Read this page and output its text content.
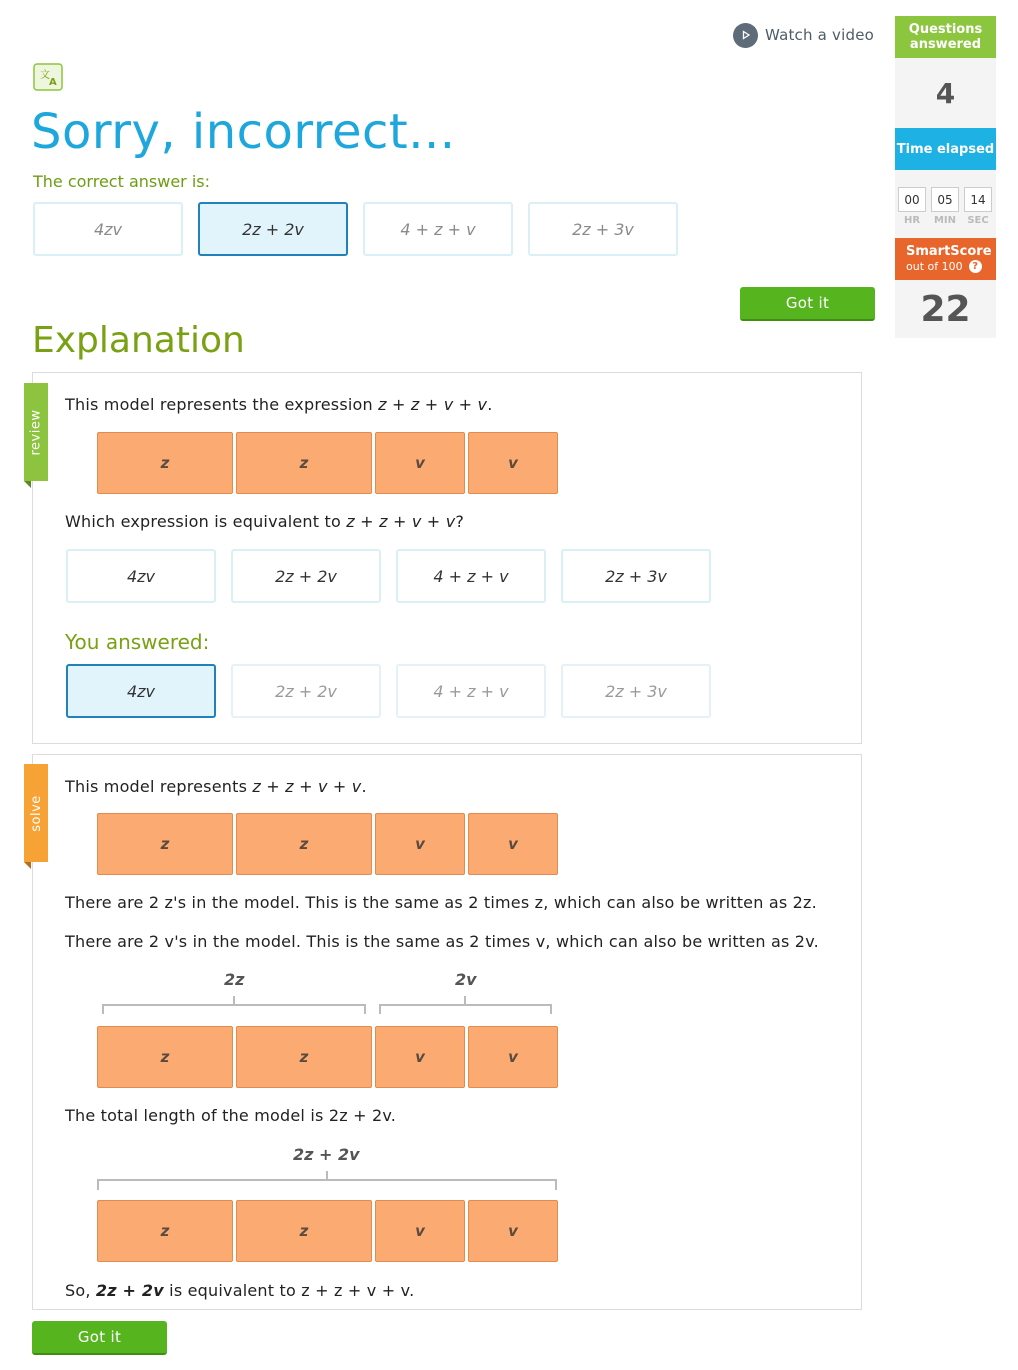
Watch a video
文
A
Sorry, incorrect...
The correct answer is:
4zv	2z + 2v	4 + z + v	2z + 3v
Got it
Explanation
review
This model represents the expression z + z + v + v.
z	z	v	v
Which expression is equivalent to z + z + v + v?
4zv	2z + 2v	4 + z + v	2z + 3v
You answered:
4zv	2z + 2v	4 + z + v	2z + 3v
solve
This model represents z + z + v + v.
z	z	v	v
There are 2 z's in the model. This is the same as 2 times z, which can also be written as 2z.
There are 2 v's in the model. This is the same as 2 times v, which can also be written as 2v.
2z	2v
z	z	v	v
The total length of the model is 2z + 2v.
2z + 2v
z	z	v	v
So, 2z + 2v is equivalent to z + z + v + v.
Got it
Questions answered
4
Time elapsed
00	05	14
HR	MIN	SEC
SmartScore
out of 100 ?
22
